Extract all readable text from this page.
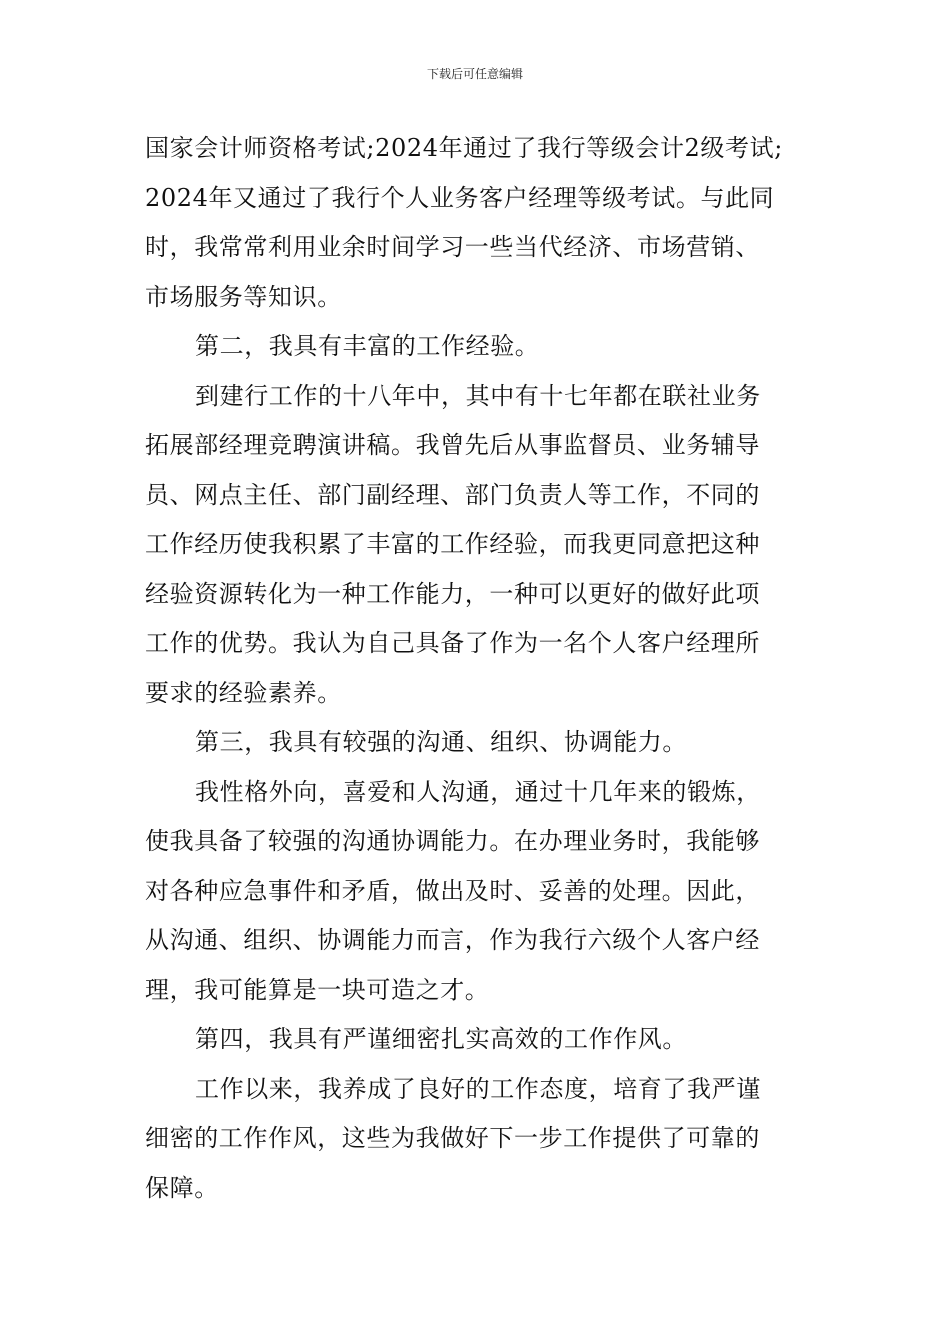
下载后可任意编辑
国家会计师资格考试;2024年通过了我行等级会计2级考试;
2024年又通过了我行个人业务客户经理等级考试。与此同
时，我常常利用业余时间学习一些当代经济、市场营销、
市场服务等知识。
第二，我具有丰富的工作经验。
到建行工作的十八年中，其中有十七年都在联社业务
拓展部经理竞聘演讲稿。我曾先后从事监督员、业务辅导
员、网点主任、部门副经理、部门负责人等工作，不同的
工作经历使我积累了丰富的工作经验，而我更同意把这种
经验资源转化为一种工作能力，一种可以更好的做好此项
工作的优势。我认为自己具备了作为一名个人客户经理所
要求的经验素养。
第三，我具有较强的沟通、组织、协调能力。
我性格外向，喜爱和人沟通，通过十几年来的锻炼，
使我具备了较强的沟通协调能力。在办理业务时，我能够
对各种应急事件和矛盾，做出及时、妥善的处理。因此，
从沟通、组织、协调能力而言，作为我行六级个人客户经
理，我可能算是一块可造之才。
第四，我具有严谨细密扎实高效的工作作风。
工作以来，我养成了良好的工作态度，培育了我严谨
细密的工作作风，这些为我做好下一步工作提供了可靠的
保障。
